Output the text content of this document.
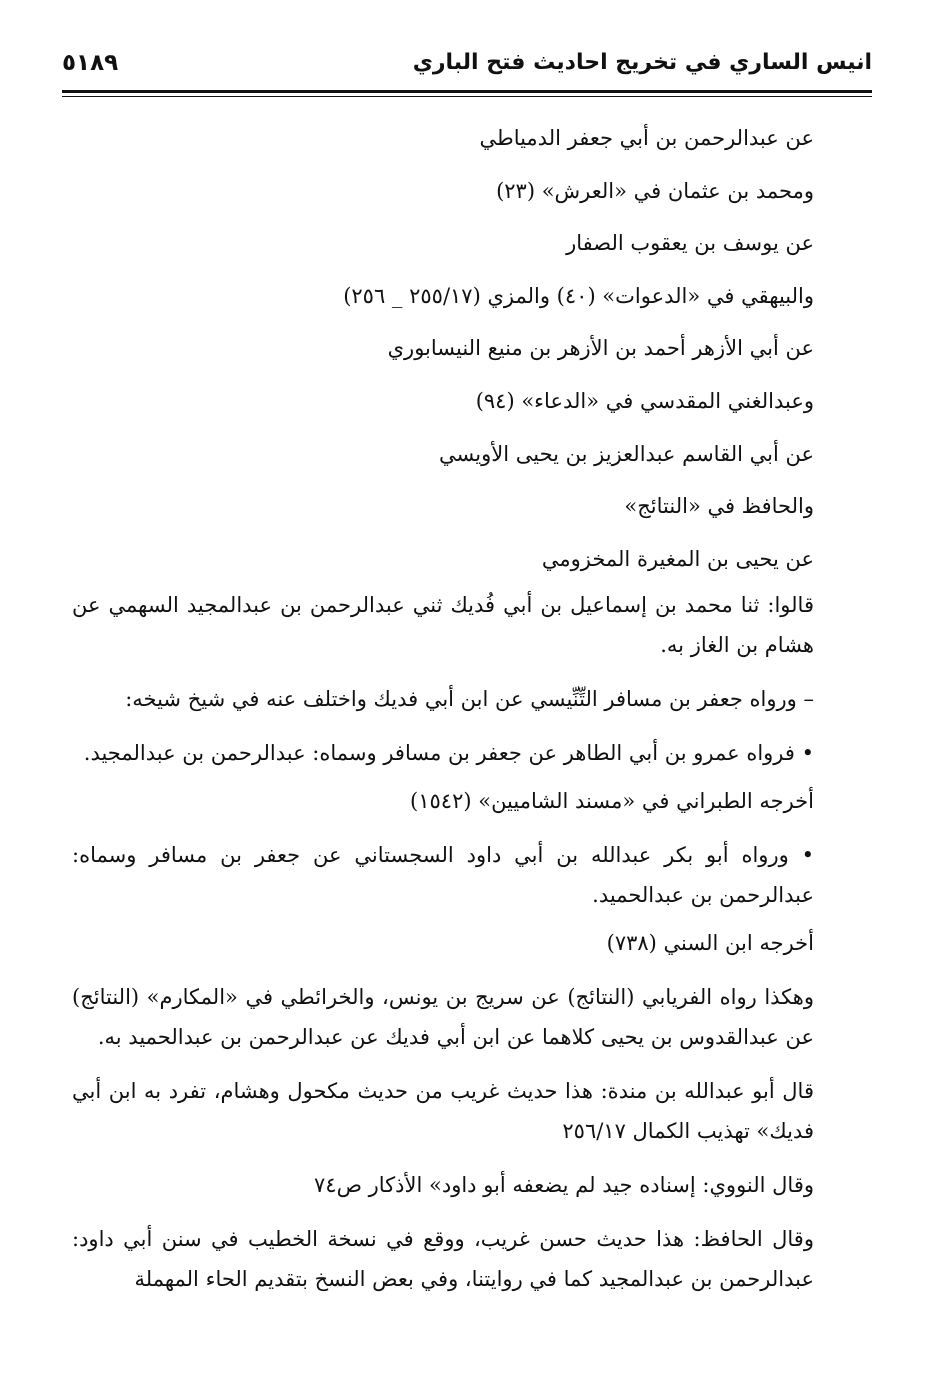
انيس الساري في تخريج احاديث فتح الباري
٥١٨٩

عن عبدالرحمن بن أبي جعفر الدمياطي

ومحمد بن عثمان في «العرش» (٢٣)

عن يوسف بن يعقوب الصفار

والبيهقي في «الدعوات» (٤٠) والمزي (٢٥٥/١٧ _ ٢٥٦)

عن أبي الأزهر أحمد بن الأزهر بن منيع النيسابوري

وعبدالغني المقدسي في «الدعاء» (٩٤)

عن أبي القاسم عبدالعزيز بن يحيى الأويسي

والحافظ في «النتائج»

عن يحيى بن المغيرة المخزومي

قالوا: ثنا محمد بن إسماعيل بن أبي فُديك ثني عبدالرحمن بن عبدالمجيد السهمي عن هشام بن الغاز به.

– ورواه جعفر بن مسافر التِّنِّيسي عن ابن أبي فديك واختلف عنه في شيخ شيخه:

• فرواه عمرو بن أبي الطاهر عن جعفر بن مسافر وسماه: عبدالرحمن بن عبدالمجيد.

أخرجه الطبراني في «مسند الشاميين» (١٥٤٢)

• ورواه أبو بكر عبدالله بن أبي داود السجستاني عن جعفر بن مسافر وسماه: عبدالرحمن بن عبدالحميد.

أخرجه ابن السني (٧٣٨)

وهكذا رواه الفريابي (النتائج) عن سريج بن يونس، والخرائطي في «المكارم» (النتائج) عن عبدالقدوس بن يحيى كلاهما عن ابن أبي فديك عن عبدالرحمن بن عبدالحميد به.

قال أبو عبدالله بن مندة: هذا حديث غريب من حديث مكحول وهشام، تفرد به ابن أبي فديك» تهذيب الكمال ٢٥٦/١٧

وقال النووي: إسناده جيد لم يضعفه أبو داود» الأذكار ص٧٤

وقال الحافظ: هذا حديث حسن غريب، ووقع في نسخة الخطيب في سنن أبي داود: عبدالرحمن بن عبدالمجيد كما في روايتنا، وفي بعض النسخ بتقديم الحاء المهملة
